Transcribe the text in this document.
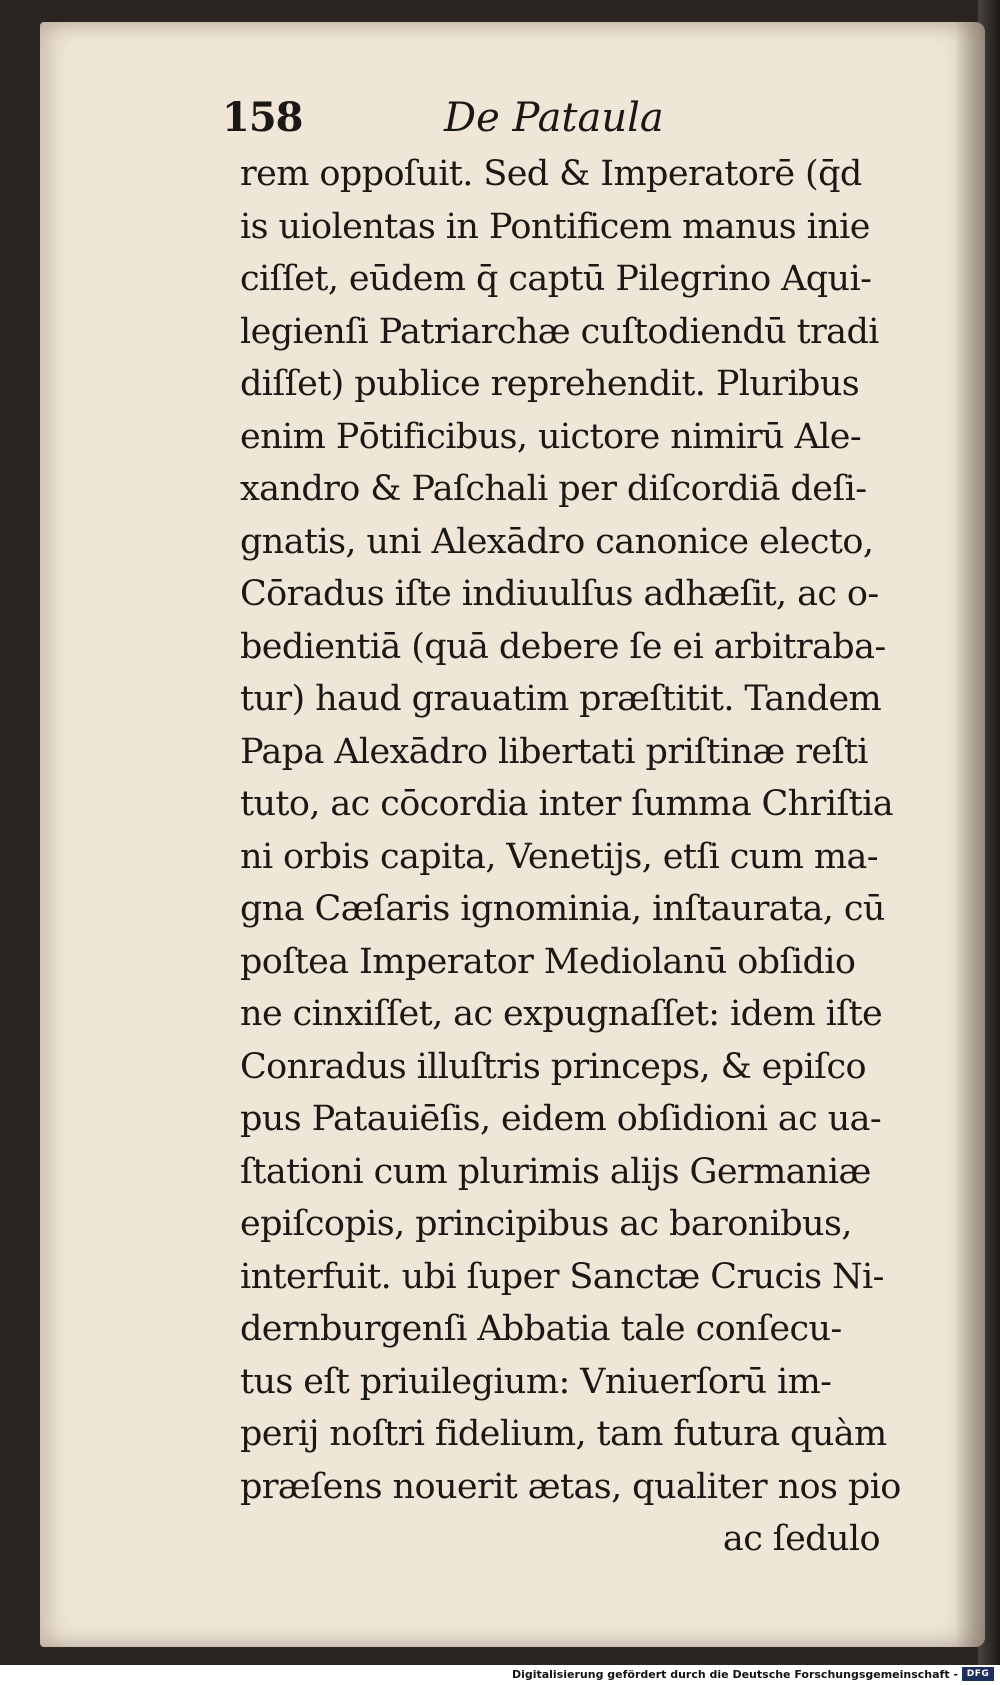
158	De Pataula
rem oppoſuit. Sed & Imperatorē (q̄d
is uiolentas in Pontificem manus inie
ciſſet, eūdem q̄ captū Pilegrino Aqui-
legienſi Patriarchæ cuſtodiendū tradi
diſſet) publice reprehendit. Pluribus
enim Pōtificibus, uictore nimirū Ale-
xandro & Paſchali per diſcordiā deſi-
gnatis, uni Alexādro canonice electo,
Cōradus iſte indiuulſus adhæſit, ac o-
bedientiā (quā debere ſe ei arbitraba-
tur) haud grauatim præſtitit. Tandem
Papa Alexādro libertati priſtinæ reſti
tuto, ac cōcordia inter ſumma Chriſtia
ni orbis capita, Venetijs, etſi cum ma-
gna Cæſaris ignominia, inſtaurata, cū
poſtea Imperator Mediolanū obſidio
ne cinxiſſet, ac expugnaſſet: idem iſte
Conradus illuſtris princeps, & epiſco
pus Patauiēſis, eidem obſidioni ac ua-
ſtationi cum plurimis alijs Germaniæ
epiſcopis, principibus ac baronibus,
interfuit. ubi ſuper Sanctæ Crucis Ni-
dernburgenſi Abbatia tale conſecu-
tus eſt priuilegium: Vniuerſorū im-
perij noſtri fidelium, tam futura quàm
præſens nouerit ætas, qualiter nos pio
ac ſedulo
Digitalisierung gefördert durch die Deutsche Forschungsgemeinschaft - DFG
